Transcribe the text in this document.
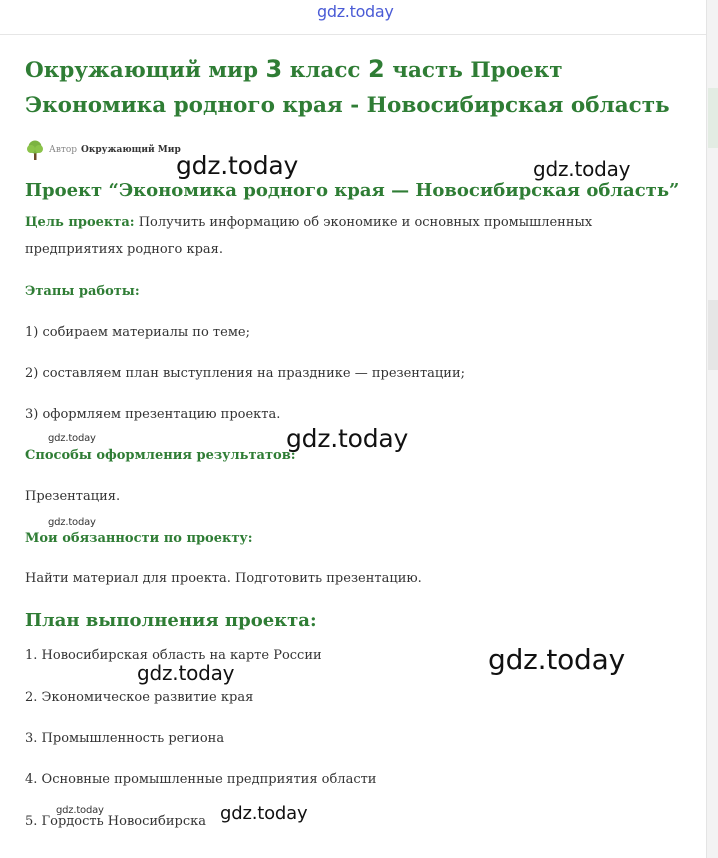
gdz.today
Окружающий мир 3 класс 2 часть Проект Экономика родного края - Новосибирская область
Автор Окружающий Мир
Проект “Экономика родного края — Новосибирская область”

Цель проекта: Получить информацию об экономике и основных промышленных предприятиях родного края.

Этапы работы:

1) собираем материалы по теме;

2) составляем план выступления на празднике — презентации;

3) оформляем презентацию проекта.

Способы оформления результатов:

Презентация.

Мои обязанности по проекту:

Найти материал для проекта. Подготовить презентацию.

План выполнения проекта:

1. Новосибирская область на карте России

2. Экономическое развитие края

3. Промышленность региона

4. Основные промышленные предприятия области

5. Гордость Новосибирска

gdz.today	gdz.today
gdz.today
gdz.today
gdz.today
gdz.today
gdz.today
gdz.today	gdz.today
